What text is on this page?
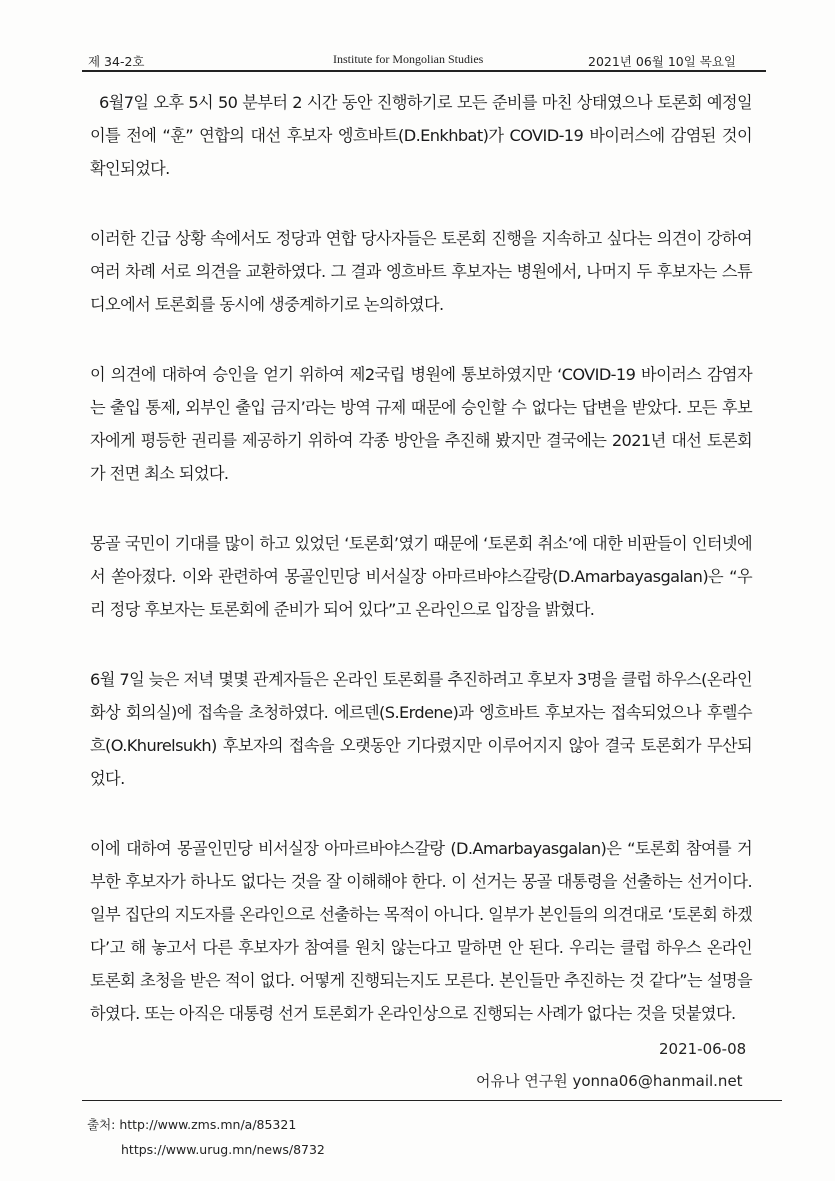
제 34-2호	Institute for Mongolian Studies	2021년 06월 10일 목요일

6월7일 오후 5시 50 분부터 2 시간 동안 진행하기로 모든 준비를 마친 상태였으나 토론회 예정일 이틀 전에 “훈” 연합의 대선 후보자 엥흐바트(D.Enkhbat)가 COVID-19 바이러스에 감염된 것이 확인되었다.

이러한 긴급 상황 속에서도 정당과 연합 당사자들은 토론회 진행을 지속하고 싶다는 의견이 강하여 여러 차례 서로 의견을 교환하였다. 그 결과 엥흐바트 후보자는 병원에서, 나머지 두 후보자는 스튜디오에서 토론회를 동시에 생중계하기로 논의하였다.

이 의견에 대하여 승인을 얻기 위하여 제2국립 병원에 통보하였지만 ‘COVID-19 바이러스 감염자는 출입 통제, 외부인 출입 금지’라는 방역 규제 때문에 승인할 수 없다는 답변을 받았다. 모든 후보자에게 평등한 권리를 제공하기 위하여 각종 방안을 추진해 봤지만 결국에는 2021년 대선 토론회가 전면 최소 되었다.

몽골 국민이 기대를 많이 하고 있었던 ‘토론회’였기 때문에 ‘토론회 취소’에 대한 비판들이 인터넷에서 쏟아졌다. 이와 관련하여 몽골인민당 비서실장 아마르바야스갈랑(D.Amarbayasgalan)은 “우리 정당 후보자는 토론회에 준비가 되어 있다”고 온라인으로 입장을 밝혔다.

6월 7일 늦은 저녁 몇몇 관계자들은 온라인 토론회를 추진하려고 후보자 3명을 클럽 하우스(온라인 화상 회의실)에 접속을 초청하였다. 에르덴(S.Erdene)과 엥흐바트 후보자는 접속되었으나 후렐수흐(O.Khurelsukh) 후보자의 접속을 오랫동안 기다렸지만 이루어지지 않아 결국 토론회가 무산되었다.

이에 대하여 몽골인민당 비서실장 아마르바야스갈랑 (D.Amarbayasgalan)은 “토론회 참여를 거부한 후보자가 하나도 없다는 것을 잘 이해해야 한다. 이 선거는 몽골 대통령을 선출하는 선거이다. 일부 집단의 지도자를 온라인으로 선출하는 목적이 아니다. 일부가 본인들의 의견대로 ‘토론회 하겠다’고 해 놓고서 다른 후보자가 참여를 원치 않는다고 말하면 안 된다. 우리는 클럽 하우스 온라인 토론회 초청을 받은 적이 없다. 어떻게 진행되는지도 모른다. 본인들만 추진하는 것 같다”는 설명을 하였다. 또는 아직은 대통령 선거 토론회가 온라인상으로 진행되는 사례가 없다는 것을 덧붙였다.

2021-06-08
어유나 연구원 yonna06@hanmail.net
출처: http://www.zms.mn/a/85321
https://www.urug.mn/news/8732
